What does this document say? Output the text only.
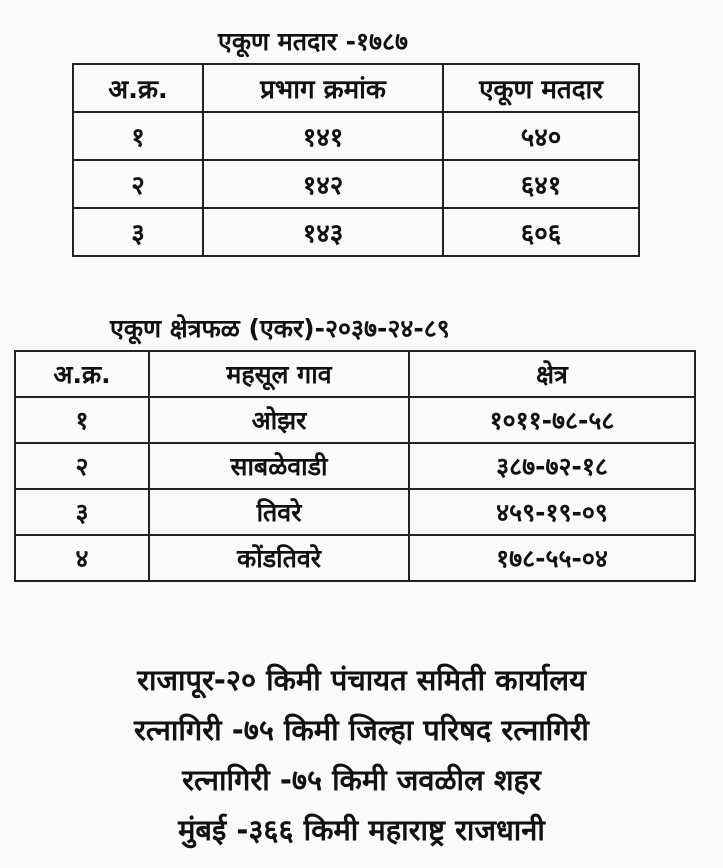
एकूण मतदार -१७८७
अ.क्र.	प्रभाग क्रमांक	एकूण मतदार
१	१४१	५४०
२	१४२	६४१
३	१४३	६०६
एकूण क्षेत्रफळ (एकर)-२०३७-२४-८९
अ.क्र.	महसूल गाव	क्षेत्र
१	ओझर	१०११-७८-५८
२	साबळेवाडी	३८७-७२-१८
३	तिवरे	४५९-१९-०९
४	कोंडतिवरे	१७८-५५-०४
राजापूर-२० किमी पंचायत समिती कार्यालय
रत्नागिरी -७५ किमी जिल्हा परिषद रत्नागिरी
रत्नागिरी -७५ किमी जवळील शहर
मुंबई -३६६ किमी महाराष्ट्र राजधानी
